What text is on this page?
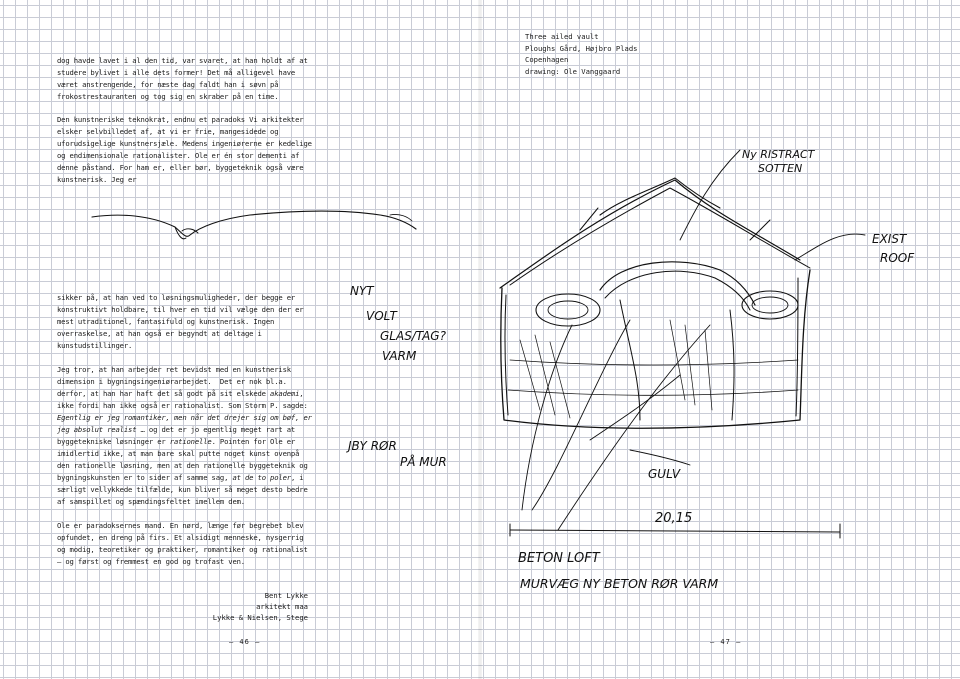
dog havde lavet i al den tid, var svaret, at han holdt af at studere bylivet i alle dets former! Det må alligevel have været anstrengende, for næste dag faldt han i søvn på frokostrestauranten og tog sig en skraber på en time.
Den kunstneriske teknokrat, endnu et paradoks Vi arkitekter elsker selvbilledet af, at vi er frie, mangesidede og uforudsigelige kunstnersjæle. Medens ingeniørerne er kedelige og endimensionale rationalister. Ole er én stor dementi af denne påstand. For ham er, eller bør, byggeteknik også være kunstnerisk. Jeg er
sikker på, at han ved to løsningsmuligheder, der begge er konstruktivt holdbare, til hver en tid vil vælge den der er mest utraditionel, fantasifuld og kunstnerisk. Ingen overraskelse, at han også er begyndt at deltage i kunstudstillinger.
Jeg tror, at han arbejder ret bevidst med en kunstnerisk dimension i bygningsingeniørarbejdet.  Det er nok bl.a. derfor, at han har haft det så godt på sit elskede akademi, ikke fordi han ikke også er rationalist. Som Storm P. sagde: Egentlig er jeg romantiker, men når det drejer sig om bøf, er jeg absolut realist … og det er jo egentlig meget rart at byggetekniske løsninger er rationelle. Pointen for Ole er imidlertid ikke, at man bare skal putte noget kunst ovenpå den rationelle løsning, men at den rationelle byggeteknik og bygningskunsten er to sider af samme sag, at de to poler, i særligt vellykkede tilfælde, kun bliver så meget desto bedre af samspillet og spændingsfeltet imellem dem.
Ole er paradoksernes mand. En nørd, længe før begrebet blev opfundet, en dreng på firs. Et alsidigt menneske, nysgerrig og modig, teoretiker og praktiker, romantiker og rationalist – og først og fremmest en god og trofast ven.
Bent Lykke
arkitekt maa
Lykke & Nielsen, Stege
– 46 –
Three ailed vault
Ploughs Gård, Højbro Plads
Copenhagen
drawing: Ole Vanggaard
Ny RISTRACT
SOTTEN
EXIST
ROOF
NYT
VOLT
GLAS/TAG?
VARM
JBY RØR
PÅ MUR
GULV
20,15
BETON LOFT
MURVÆG NY BETON RØR VARM
– 47 –
